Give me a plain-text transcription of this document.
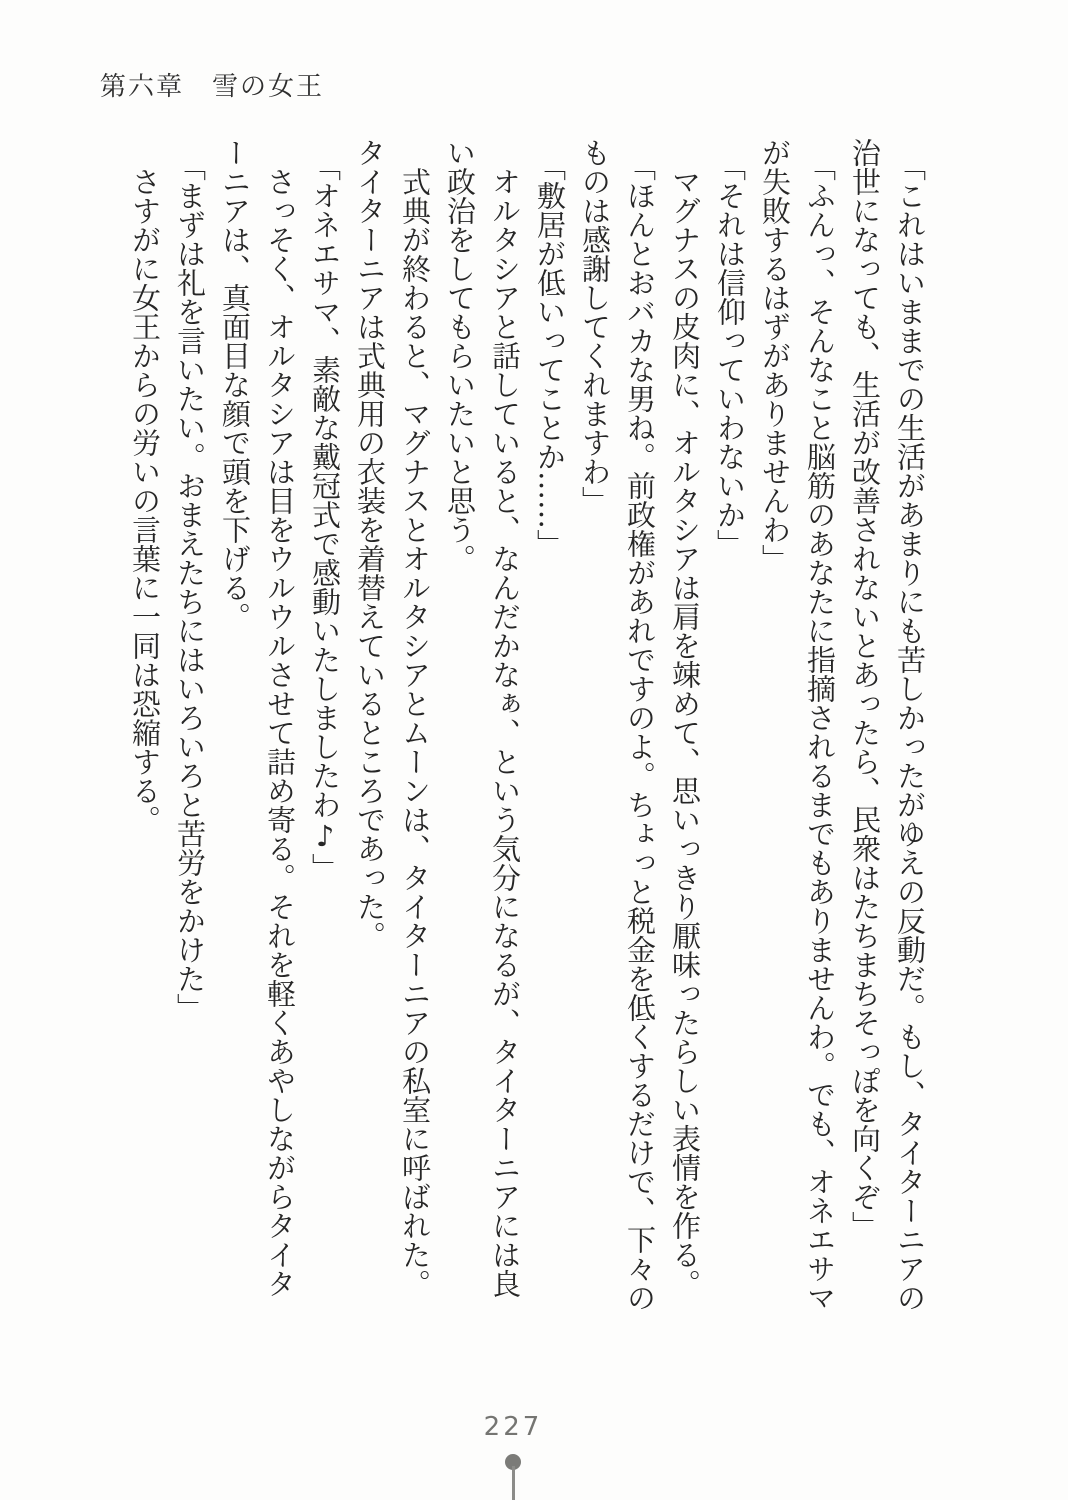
第六章　雪の女王

「これはいままでの生活があまりにも苦しかったがゆえの反動だ。もし、タイターニアの

治世になっても、生活が改善されないとあったら、民衆はたちまちそっぽを向くぞ」

「ふんっ、そんなこと脳筋のあなたに指摘されるまでもありませんわ。でも、オネエサマ

が失敗するはずがありませんわ」

「それは信仰っていわないか」

マグナスの皮肉に、オルタシアは肩を竦めて、思いっきり厭味ったらしい表情を作る。

「ほんとおバカな男ね。前政権があれですのよ。ちょっと税金を低くするだけで、下々の

ものは感謝してくれますわ」

「敷居が低いってことか……」

オルタシアと話していると、なんだかなぁ、という気分になるが、タイターニアには良

い政治をしてもらいたいと思う。

式典が終わると、マグナスとオルタシアとムーンは、タイターニアの私室に呼ばれた。

タイターニアは式典用の衣装を着替えているところであった。

「オネエサマ、素敵な戴冠式で感動いたしましたわ♪」

さっそく、オルタシアは目をウルウルさせて詰め寄る。それを軽くあやしながらタイタ

ーニアは、真面目な顔で頭を下げる。

「まずは礼を言いたい。おまえたちにはいろいろと苦労をかけた」

さすがに女王からの労いの言葉に一同は恐縮する。

227
